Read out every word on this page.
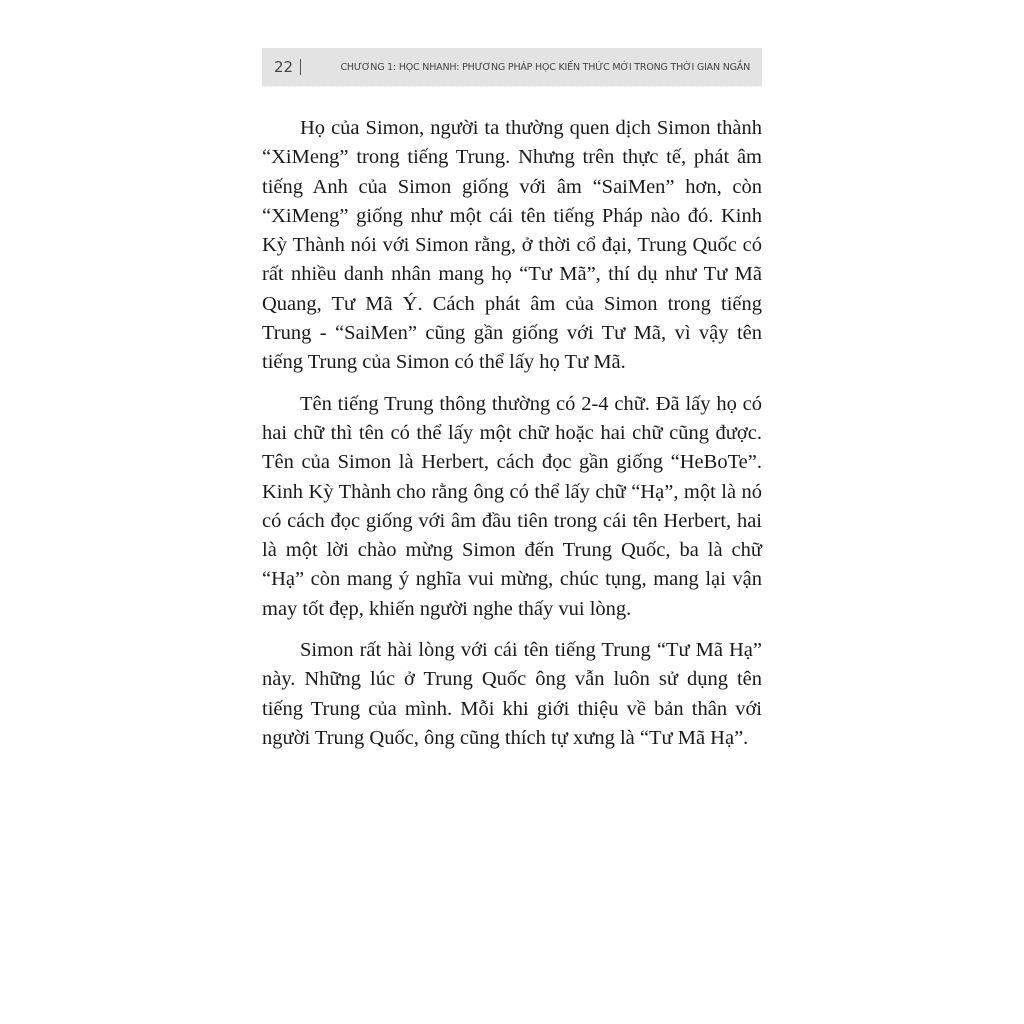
22	CHƯƠNG 1: HỌC NHANH: PHƯƠNG PHÁP HỌC KIẾN THỨC MỚI TRONG THỜI GIAN NGẮN

Họ của Simon, người ta thường quen dịch Simon thành “XiMeng” trong tiếng Trung. Nhưng trên thực tế, phát âm tiếng Anh của Simon giống với âm “SaiMen” hơn, còn “XiMeng” giống như một cái tên tiếng Pháp nào đó. Kinh Kỳ Thành nói với Simon rằng, ở thời cổ đại, Trung Quốc có rất nhiều danh nhân mang họ “Tư Mã”, thí dụ như Tư Mã Quang, Tư Mã Ý. Cách phát âm của Simon trong tiếng Trung - “SaiMen” cũng gần giống với Tư Mã, vì vậy tên tiếng Trung của Simon có thể lấy họ Tư Mã.

Tên tiếng Trung thông thường có 2-4 chữ. Đã lấy họ có hai chữ thì tên có thể lấy một chữ hoặc hai chữ cũng được. Tên của Simon là Herbert, cách đọc gần giống “HeBoTe”. Kinh Kỳ Thành cho rằng ông có thể lấy chữ “Hạ”, một là nó có cách đọc giống với âm đầu tiên trong cái tên Herbert, hai là một lời chào mừng Simon đến Trung Quốc, ba là chữ “Hạ” còn mang ý nghĩa vui mừng, chúc tụng, mang lại vận may tốt đẹp, khiến người nghe thấy vui lòng.

Simon rất hài lòng với cái tên tiếng Trung “Tư Mã Hạ” này. Những lúc ở Trung Quốc ông vẫn luôn sử dụng tên tiếng Trung của mình. Mỗi khi giới thiệu về bản thân với người Trung Quốc, ông cũng thích tự xưng là “Tư Mã Hạ”.
